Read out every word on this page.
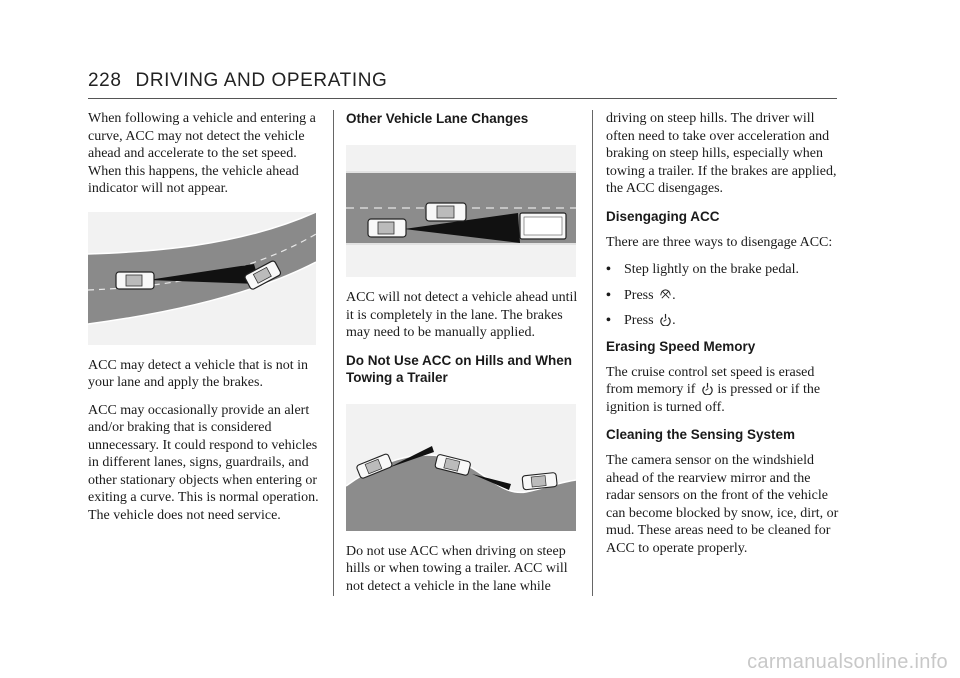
228 DRIVING AND OPERATING

When following a vehicle and entering a curve, ACC may not detect the vehicle ahead and accelerate to the set speed. When this happens, the vehicle ahead indicator will not appear.

ACC may detect a vehicle that is not in your lane and apply the brakes.

ACC may occasionally provide an alert and/or braking that is considered unnecessary. It could respond to vehicles in different lanes, signs, guardrails, and other stationary objects when entering or exiting a curve. This is normal operation. The vehicle does not need service.

Other Vehicle Lane Changes

ACC will not detect a vehicle ahead until it is completely in the lane. The brakes may need to be manually applied.

Do Not Use ACC on Hills and When Towing a Trailer

Do not use ACC when driving on steep hills or when towing a trailer. ACC will not detect a vehicle in the lane while

driving on steep hills. The driver will often need to take over acceleration and braking on steep hills, especially when towing a trailer. If the brakes are applied, the ACC disengages.

Disengaging ACC

There are three ways to disengage ACC:

• Step lightly on the brake pedal.
• Press .
• Press .
Erasing Speed Memory

The cruise control set speed is erased from memory if is pressed or if the ignition is turned off.

Cleaning the Sensing System

The camera sensor on the windshield ahead of the rearview mirror and the radar sensors on the front of the vehicle can become blocked by snow, ice, dirt, or mud. These areas need to be cleaned for ACC to operate properly.

carmanualsonline.info
